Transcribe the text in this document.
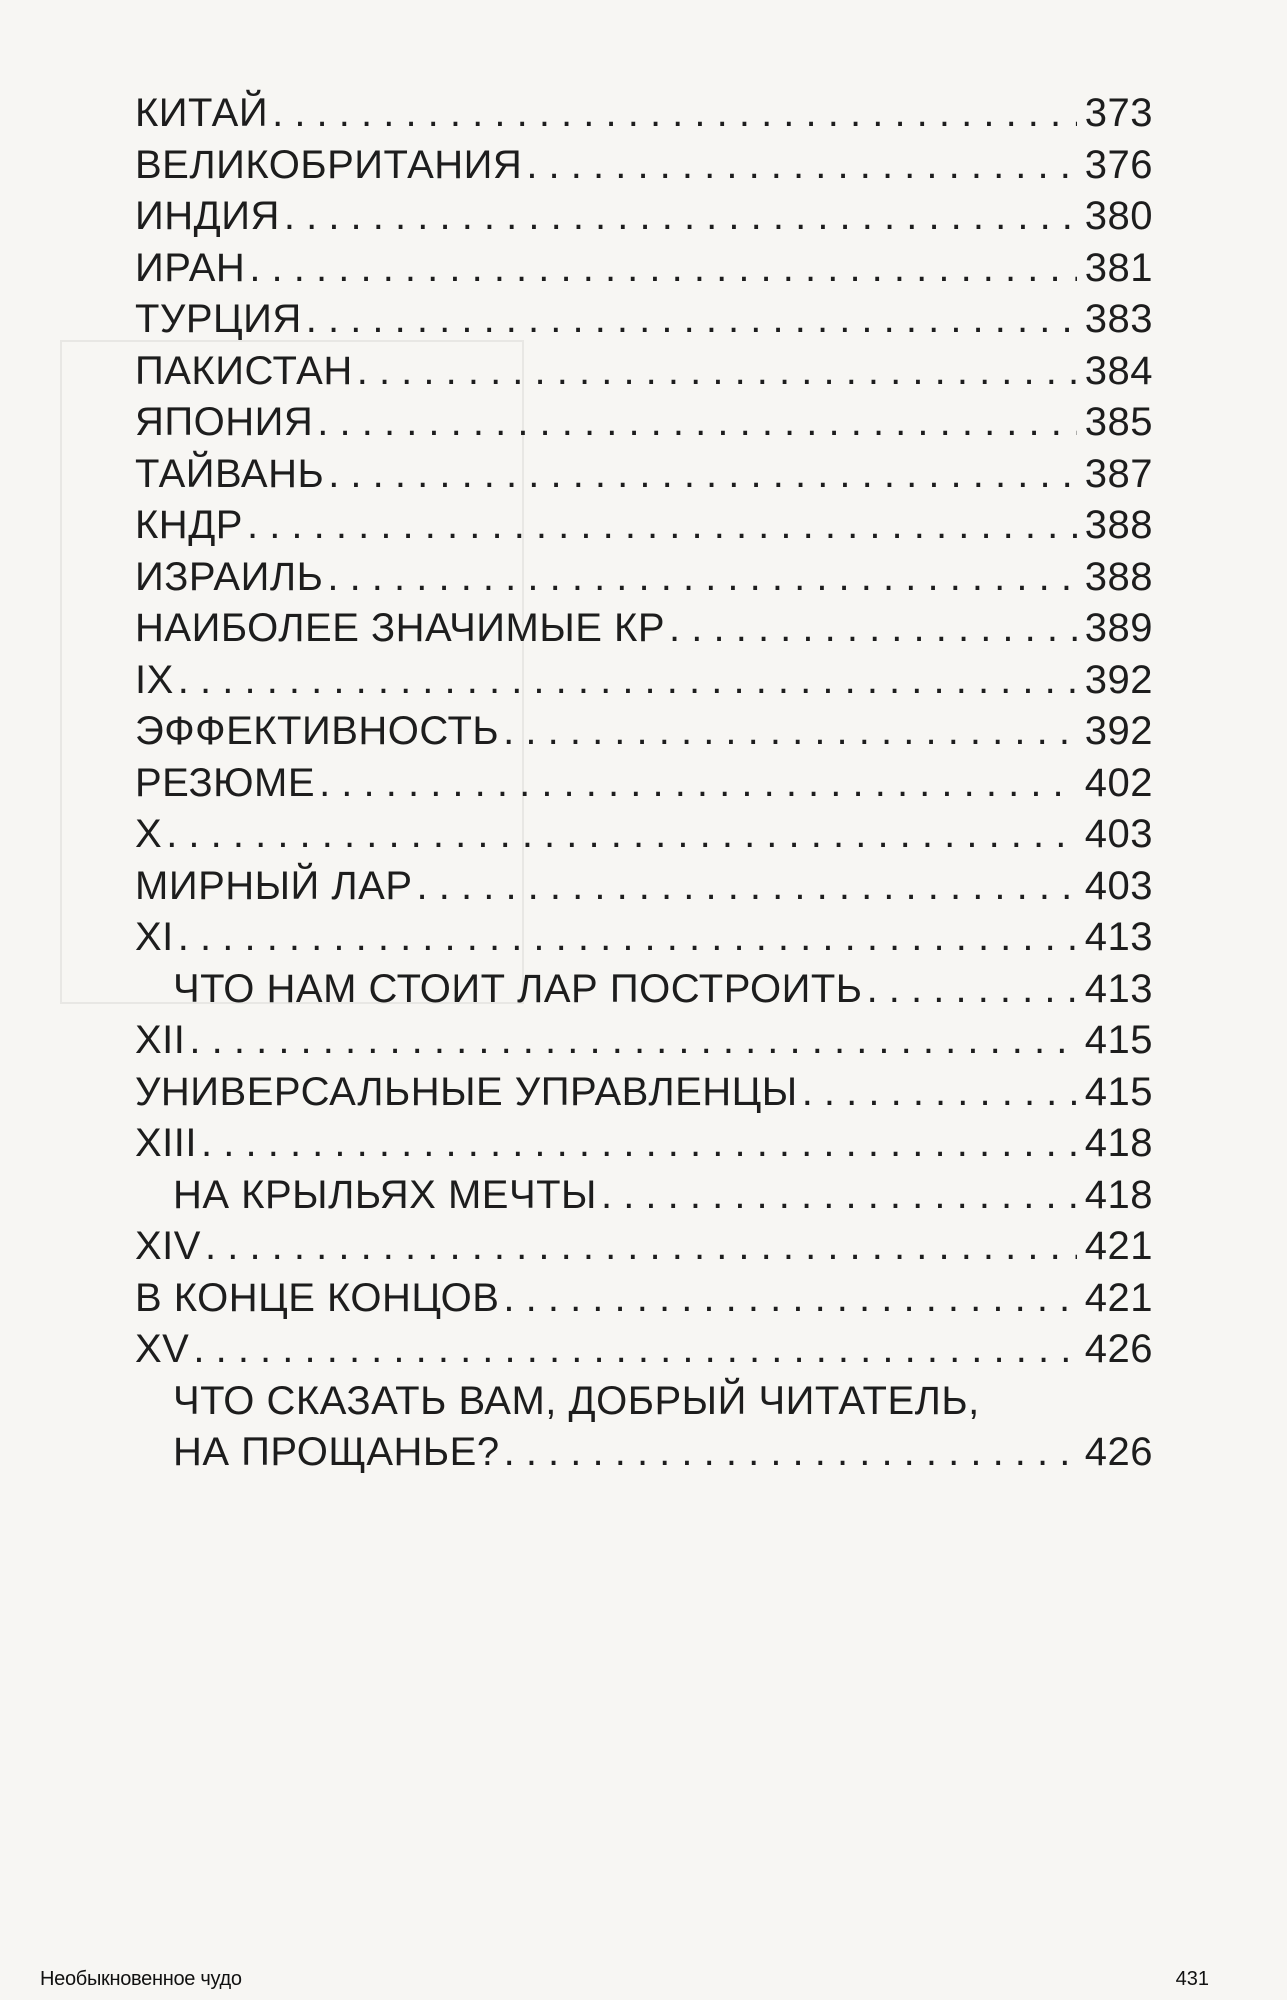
КИТАЙ . . .	373
ВЕЛИКОБРИТАНИЯ . . .	376
ИНДИЯ . . .	380
ИРАН . . .	381
ТУРЦИЯ . . .	383
ПАКИСТАН . . .	384
ЯПОНИЯ . . .	385
ТАЙВАНЬ . . .	387
КНДР . . .	388
ИЗРАИЛЬ . . .	388
НАИБОЛЕЕ ЗНАЧИМЫЕ КР . . .	389
IX . . .	392
ЭФФЕКТИВНОСТЬ . . .	392
РЕЗЮМЕ . . .	402
X . . .	403
МИРНЫЙ ЛАР . . .	403
XI . . .	413
ЧТО НАМ СТОИТ ЛАР ПОСТРОИТЬ . . .	413
XII . . .	415
УНИВЕРСАЛЬНЫЕ УПРАВЛЕНЦЫ . . .	415
XIII . . .	418
НА КРЫЛЬЯХ МЕЧТЫ . . .	418
XIV . . .	421
В КОНЦЕ КОНЦОВ . . .	421
XV . . .	426
ЧТО СКАЗАТЬ ВАМ, ДОБРЫЙ ЧИТАТЕЛЬ,
НА ПРОЩАНЬЕ? . . .	426
Необыкновенное чудо	431
